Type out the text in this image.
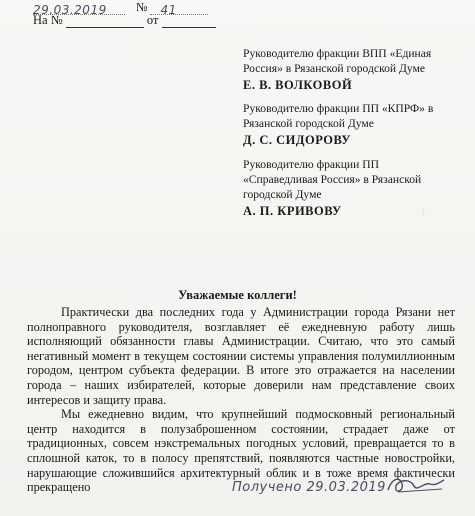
1
—
29.03.2019 № 41
На №	от
Руководителю фракции ВПП «Единая
Россия» в Рязанской городской Думе
Е. В. ВОЛКОВОЙ
Руководителю фракции ПП «КПРФ» в
Рязанской городской Думе
Д. С. СИДОРОВУ
Руководителю фракции ПП
«Справедливая Россия» в Рязанской
городской Думе
А. П. КРИВОВУ
Уважаемые коллеги!

Практически два последних года у Администрации города Рязани нет полноправного руководителя, возглавляет её ежедневную работу лишь исполняющий обязанности главы Администрации. Считаю, что это самый негативный момент в текущем состоянии системы управления полумиллионным городом, центром субъекта федерации. В итоге это отражается на населении города – наших избирателей, которые доверили нам представление своих интересов и защиту права.

Мы ежедневно видим, что крупнейший подмосковный региональный центр находится в полузаброшенном состоянии, страдает даже от традиционных, совсем нэкстремальных погодных условий, превращается то в сплошной каток, то в полосу препятствий, появляются частные новостройки, нарушающие сложившийся архитектурный облик и в тоже время фактически прекращено	Получено 29.03.2019
